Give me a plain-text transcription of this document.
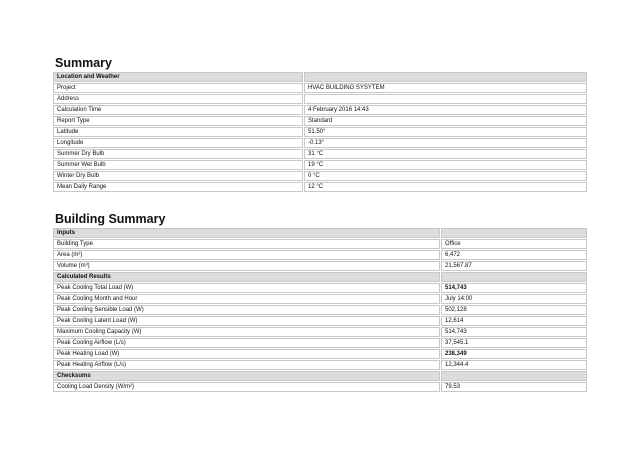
Summary
Location and Weather	
Project	HVAC BUILDING SYSYTEM
Address	
Calculation Time	4 February 2016 14:43
Report Type	Standard
Latitude	51.50°
Longitude	-0.13°
Summer Dry Bulb	31 °C
Summer Wet Bulb	19 °C
Winter Dry Bulb	0 °C
Mean Daily Range	12 °C
Building Summary
Inputs	
Building Type	Office
Area (m²)	6,472
Volume (m³)	21,567.87
Calculated Results	
Peak Cooling Total Load (W)	514,743
Peak Cooling Month and Hour	July 14:00
Peak Cooling Sensible Load (W)	502,128
Peak Cooling Latent Load (W)	12,614
Maximum Cooling Capacity (W)	514,743
Peak Cooling Airflow (L/s)	37,545.1
Peak Heating Load (W)	238,349
Peak Heating Airflow (L/s)	12,344.4
Checksums	
Cooling Load Density (W/m²)	79.53
